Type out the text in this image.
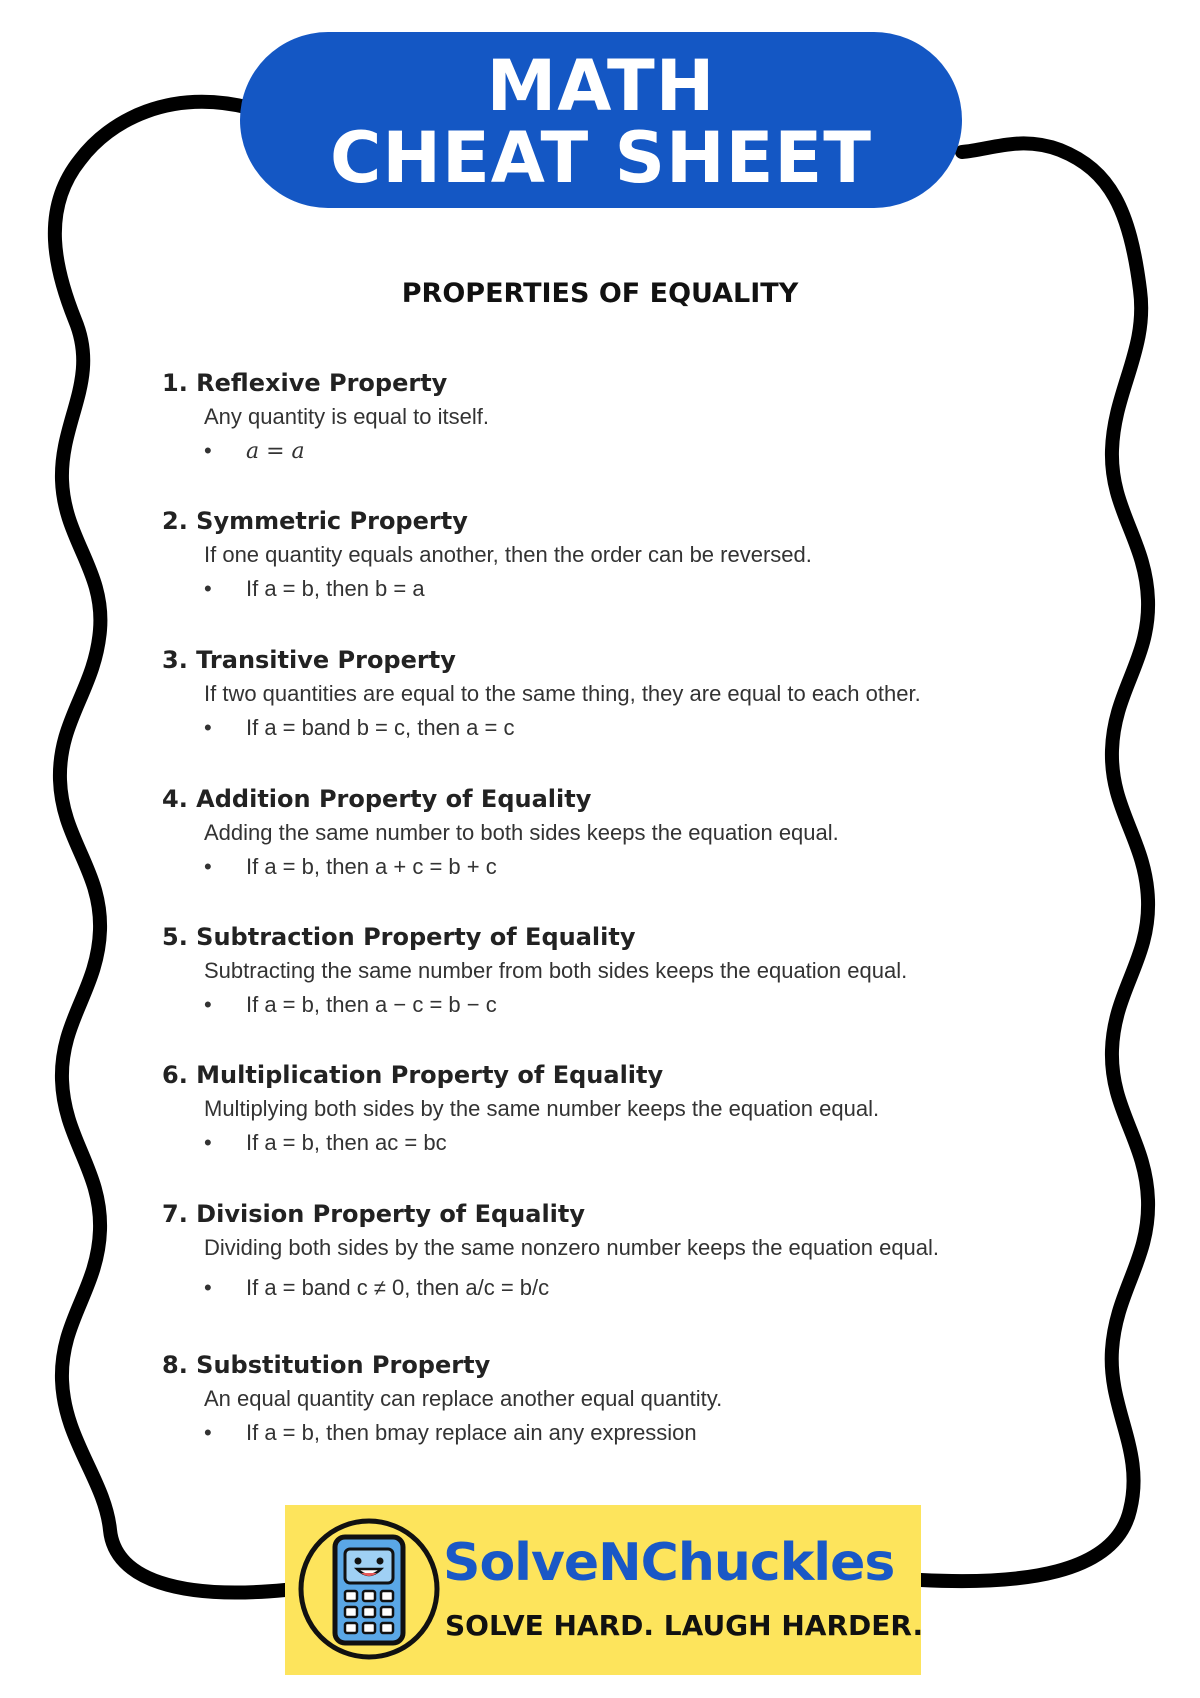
MATH
CHEAT SHEET
PROPERTIES OF EQUALITY
1. Reflexive Property
Any quantity is equal to itself.
• a = a
2. Symmetric Property
If one quantity equals another, then the order can be reversed.
• If a = b, then b = a
3. Transitive Property
If two quantities are equal to the same thing, they are equal to each other.
• If a = band b = c, then a = c
4. Addition Property of Equality
Adding the same number to both sides keeps the equation equal.
• If a = b, then a + c = b + c
5. Subtraction Property of Equality
Subtracting the same number from both sides keeps the equation equal.
• If a = b, then a − c = b − c
6. Multiplication Property of Equality
Multiplying both sides by the same number keeps the equation equal.
• If a = b, then ac = bc
7. Division Property of Equality
Dividing both sides by the same nonzero number keeps the equation equal.
• If a = band c ≠ 0, then a/c = b/c
8. Substitution Property
An equal quantity can replace another equal quantity.
• If a = b, then bmay replace ain any expression
SolveNChuckles
SOLVE HARD. LAUGH HARDER.
